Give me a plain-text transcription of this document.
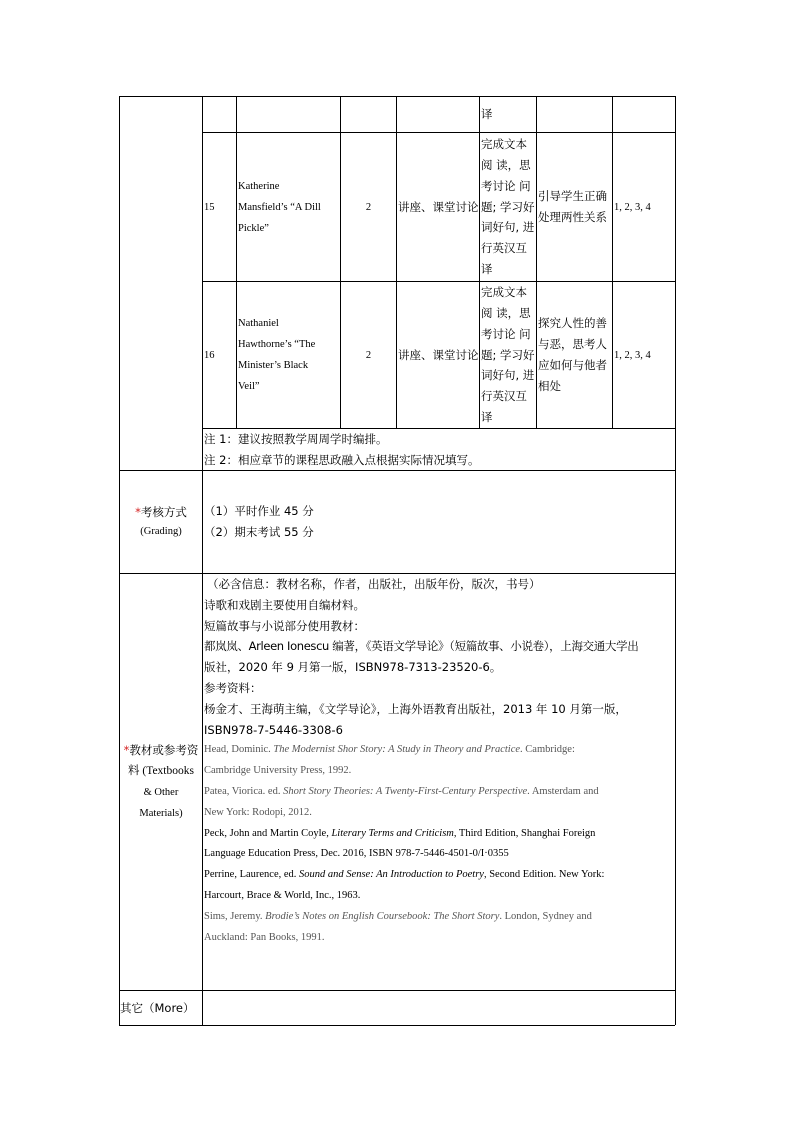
译
15
Katherine
Mansfield’s “A Dill
Pickle”
2 讲座、课堂讨论
完成文本
阅 读，思
考讨论 问
题; 学习好
词好句, 进
行英汉互
译
引导学生正确
处理两性关系
1, 2, 3, 4
16
Nathaniel
Hawthorne’s “The
Minister’s Black
Veil”
2 讲座、课堂讨论
完成文本
阅 读，思
考讨论 问
题; 学习好
词好句, 进
行英汉互
译
探究人性的善
与恶，思考人
应如何与他者
相处
1, 2, 3, 4
注 1：建议按照教学周周学时编排。
注 2：相应章节的课程思政融入点根据实际情况填写。
*考核方式
(Grading)
（1）平时作业 45 分
（2）期末考试 55 分
*教材或参考资
料 (Textbooks
& Other
Materials)
（必含信息：教材名称，作者，出版社，出版年份，版次，书号）
诗歌和戏剧主要使用自编材料。
短篇故事与小说部分使用教材：
都岚岚、Arleen Ionescu 编著，《英语文学导论》（短篇故事、小说卷），上海交通大学出
版社，2020 年 9 月第一版，ISBN978-7313-23520-6。
参考资料：
杨金才、王海萌主编，《文学导论》，上海外语教育出版社，2013 年 10 月第一版，
ISBN978-7-5446-3308-6
Head, Dominic. The Modernist Shor Story: A Study in Theory and Practice. Cambridge:
Cambridge University Press, 1992.
Patea, Viorica. ed. Short Story Theories: A Twenty-First-Century Perspective. Amsterdam and
New York: Rodopi, 2012.
Peck, John and Martin Coyle, Literary Terms and Criticism, Third Edition, Shanghai Foreign
Language Education Press, Dec. 2016, ISBN 978-7-5446-4501-0/I·0355
Perrine, Laurence, ed. Sound and Sense: An Introduction to Poetry, Second Edition. New York:
Harcourt, Brace & World, Inc., 1963.
Sims, Jeremy. Brodie’s Notes on English Coursebook: The Short Story. London, Sydney and
Auckland: Pan Books, 1991.
其它（More）
